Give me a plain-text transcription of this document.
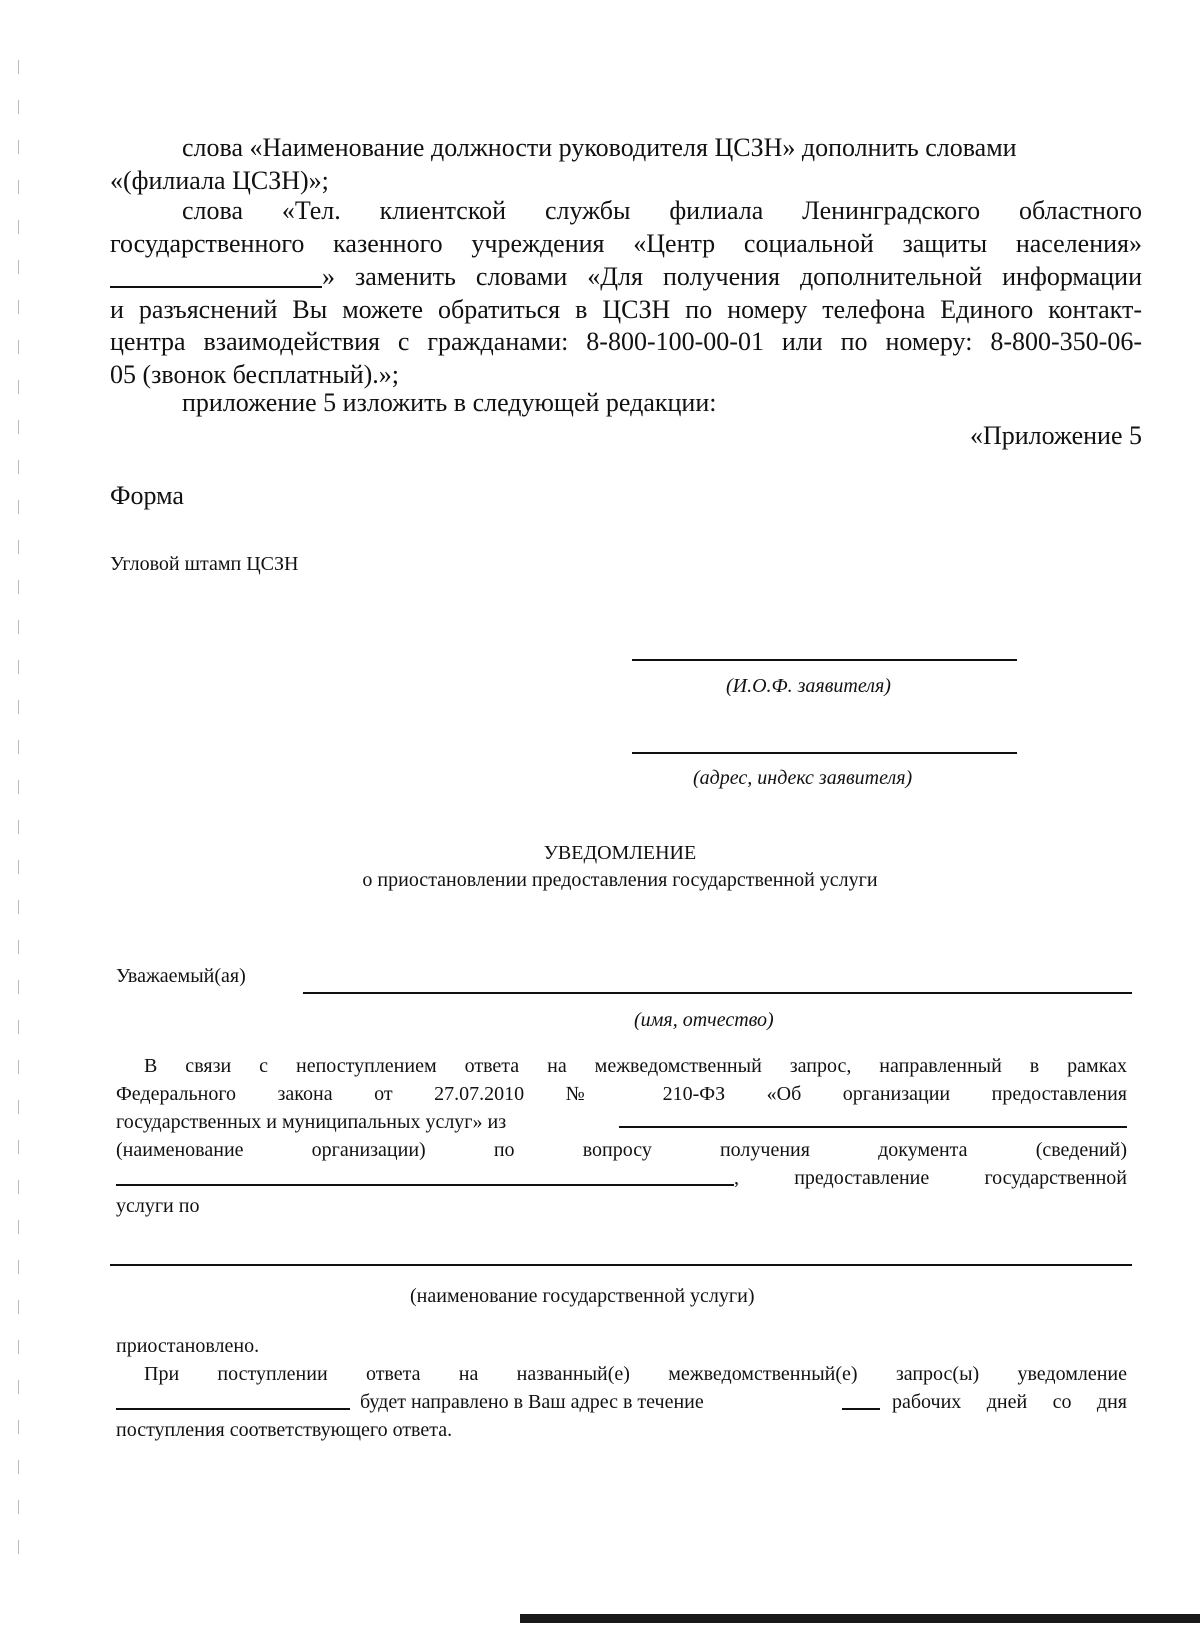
слова «Наименование должности руководителя ЦСЗН» дополнить словами
«(филиала ЦСЗН)»;
слова «Тел. клиентской службы филиала Ленинградского областного
государственного казенного учреждения «Центр социальной защиты населения»
» заменить словами «Для получения дополнительной информации
и разъяснений Вы можете обратиться в ЦСЗН по номеру телефона Единого контакт-
центра взаимодействия с гражданами: 8-800-100-00-01 или по номеру: 8-800-350-06-
05 (звонок бесплатный).»;
приложение 5 изложить в следующей редакции:
«Приложение 5
Форма
Угловой штамп ЦСЗН
(И.О.Ф. заявителя)
(адрес, индекс заявителя)
УВЕДОМЛЕНИЕ
о приостановлении предоставления государственной услуги
Уважаемый(ая)
(имя, отчество)
В связи с непоступлением ответа на межведомственный запрос, направленный в рамках
Федерального закона от 27.07.2010 № 210-ФЗ «Об организации предоставления
государственных и муниципальных услуг» из
(наименование организации) по вопросу получения документа (сведений)
, предоставление государственной
услуги по
(наименование государственной услуги)
приостановлено.
При поступлении ответа на названный(е) межведомственный(е) запрос(ы) уведомление
будет направлено в Ваш адрес в течение	рабочих дней со дня
поступления соответствующего ответа.
